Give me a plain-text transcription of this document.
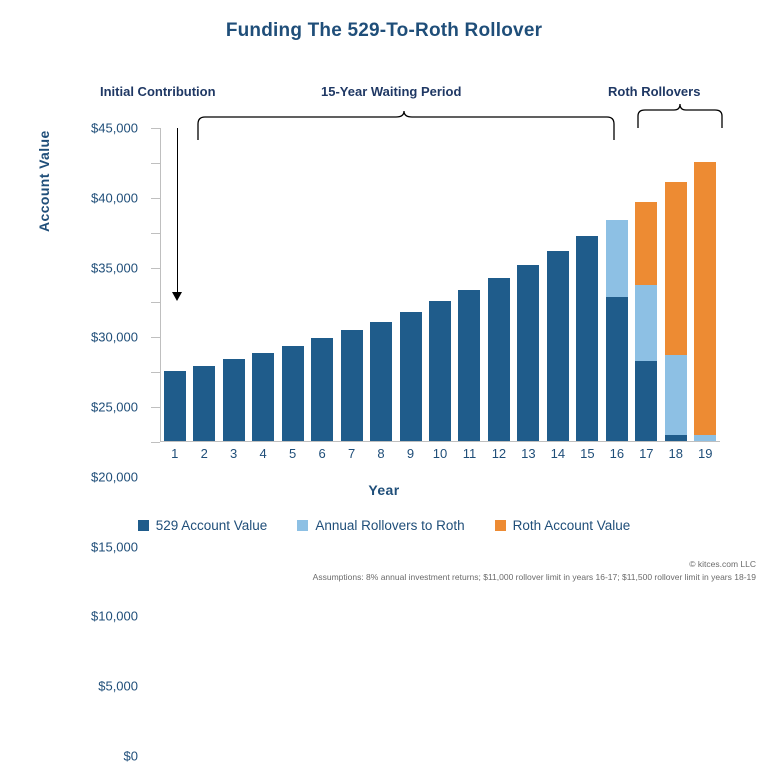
Funding The 529-To-Roth Rollover
Initial Contribution	15-Year Waiting Period	Roth Rollovers
Account Value
Year
$0
$5,000
$10,000
$15,000
$20,000
$25,000
$30,000
$35,000
$40,000
$45,000
1	2	3	4	5	6	7	8	9	10	11	12	13	14	15	16	17	18	19
529 Account Value	Annual Rollovers to Roth	Roth Account Value
© kitces.com LLC
Assumptions: 8% annual investment returns; $11,000 rollover limit in years 16-17; $11,500 rollover limit in years 18-19
